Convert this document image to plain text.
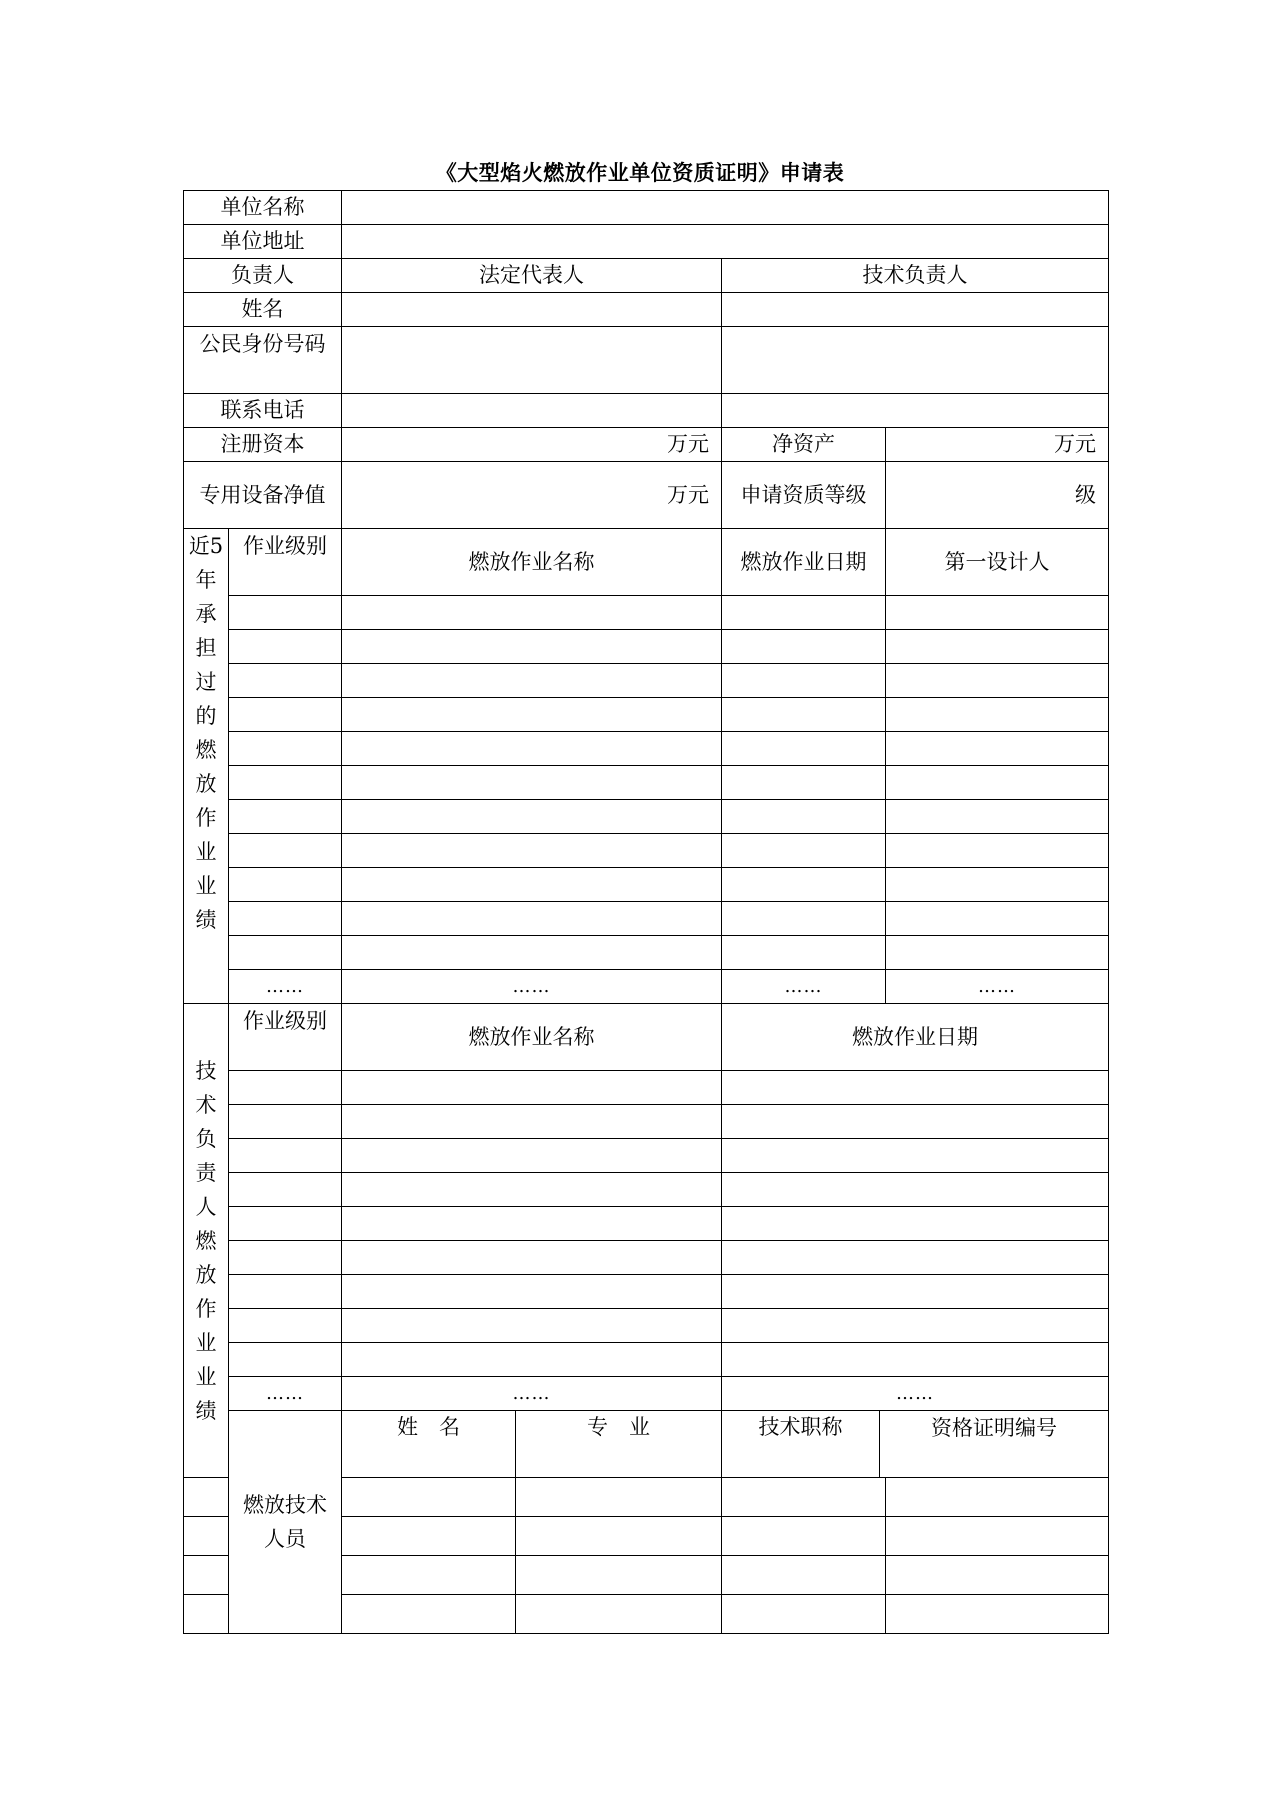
《大型焰火燃放作业单位资质证明》申请表
单位名称							
单位地址							
负责人		法定代表人		技术负责人			
姓名							
公民身份号码							
联系电话							
注册资本		万元		净资产		万元	
专用设备净值		万元		申请资质等级		级	
近5年承担过的燃放作业业绩	作业级别	燃放作业名称		燃放作业日期		第一设计人	

	……	……		……		……	
技术负责人燃放作业业绩	作业级别	燃放作业名称		燃放作业日期			

	……	……		……			
	燃放技术人员	姓　名	专　业	技术职称	资格证明编号	
